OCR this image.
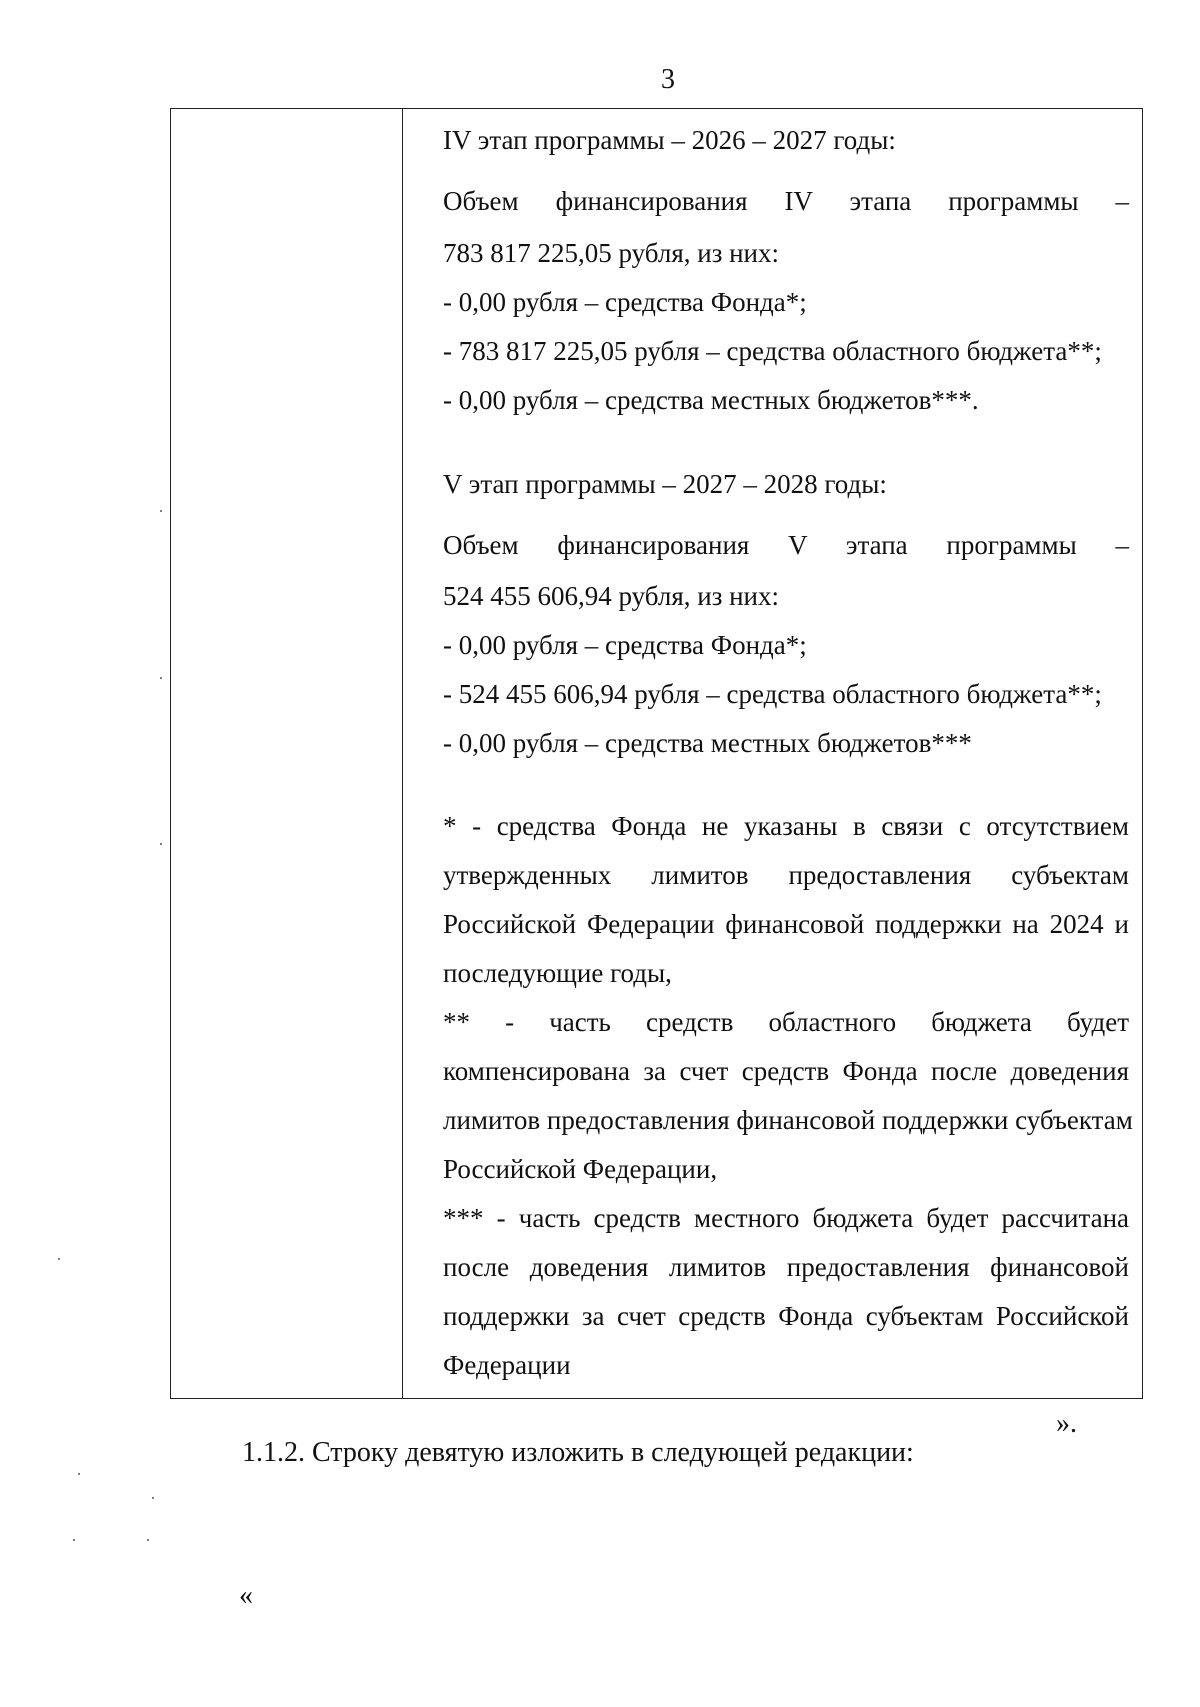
3
IV этап программы – 2026 – 2027 годы:
Объем финансирования IV этапа программы –
783 817 225,05 рубля, из них:
- 0,00 рубля – средства Фонда*;
- 783 817 225,05 рубля – средства областного бюджета**;
- 0,00 рубля – средства местных бюджетов***.
V этап программы – 2027 – 2028 годы:
Объем финансирования V этапа программы –
524 455 606,94 рубля, из них:
- 0,00 рубля – средства Фонда*;
- 524 455 606,94 рубля – средства областного бюджета**;
- 0,00 рубля – средства местных бюджетов***
* - средства Фонда не указаны в связи с отсутствием
утвержденных лимитов предоставления субъектам
Российской Федерации финансовой поддержки на 2024 и
последующие годы,
** - часть средств областного бюджета будет
компенсирована за счет средств Фонда после доведения
лимитов предоставления финансовой поддержки субъектам
Российской Федерации,
*** - часть средств местного бюджета будет рассчитана
после доведения лимитов предоставления финансовой
поддержки за счет средств Фонда субъектам Российской
Федерации
».
1.1.2. Строку девятую изложить в следующей редакции:
«
